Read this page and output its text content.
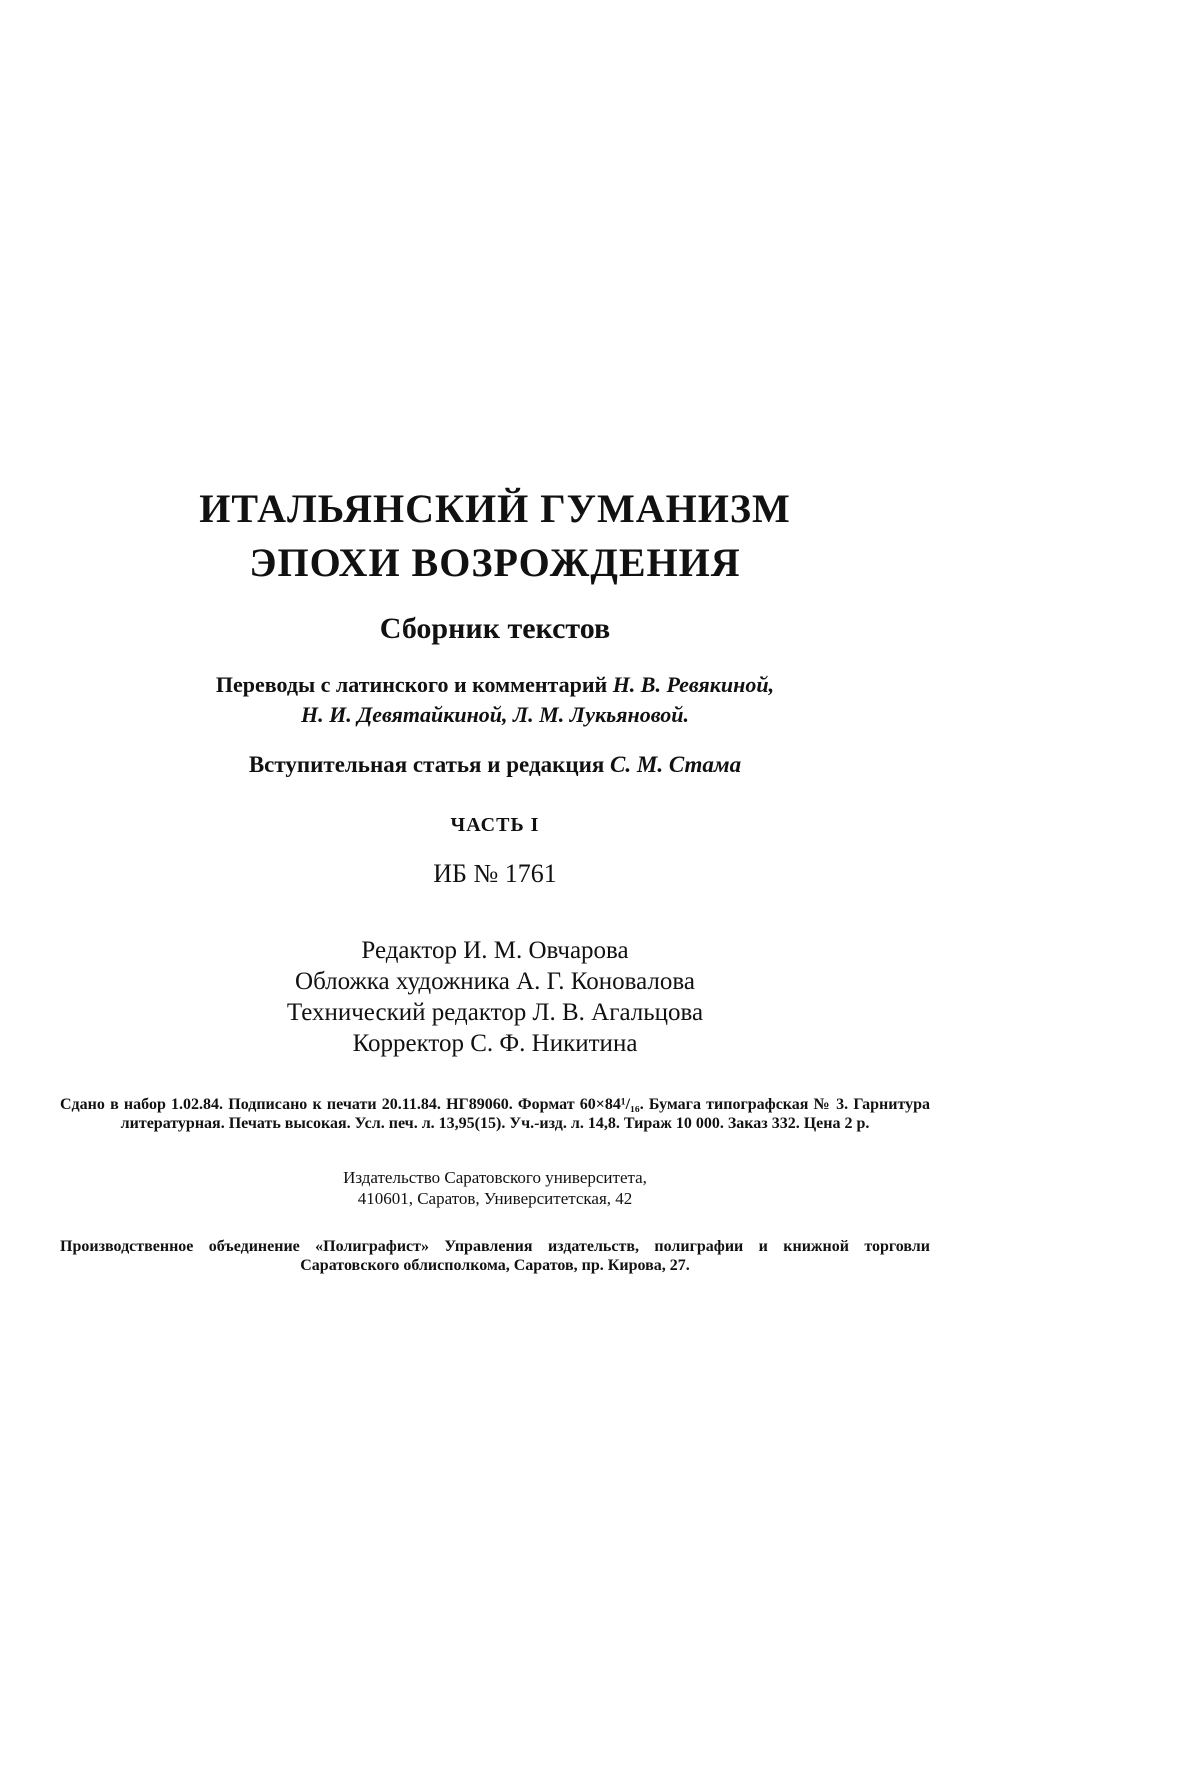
ИТАЛЬЯНСКИЙ ГУМАНИЗМ
ЭПОХИ ВОЗРОЖДЕНИЯ
Сборник текстов
Переводы с латинского и комментарий Н. В. Ревякиной,
Н. И. Девятайкиной, Л. М. Лукьяновой.
Вступительная статья и редакция С. М. Стама
ЧАСТЬ I
ИБ № 1761
Редактор И. М. Овчарова
Обложка художника А. Г. Коновалова
Технический редактор Л. В. Агальцова
Корректор С. Ф. Никитина
Сдано в набор 1.02.84. Подписано к печати 20.11.84. НГ89060. Формат 60×84¹/₁₆. Бумага типографская № 3. Гарнитура литературная. Печать высокая. Усл. печ. л. 13,95(15). Уч.-изд. л. 14,8. Тираж 10 000. Заказ 332. Цена 2 р.
Издательство Саратовского университета,
410601, Саратов, Университетская, 42
Производственное объединение «Полиграфист» Управления издательств, полиграфии и книжной торговли Саратовского облисполкома, Саратов, пр. Кирова, 27.
